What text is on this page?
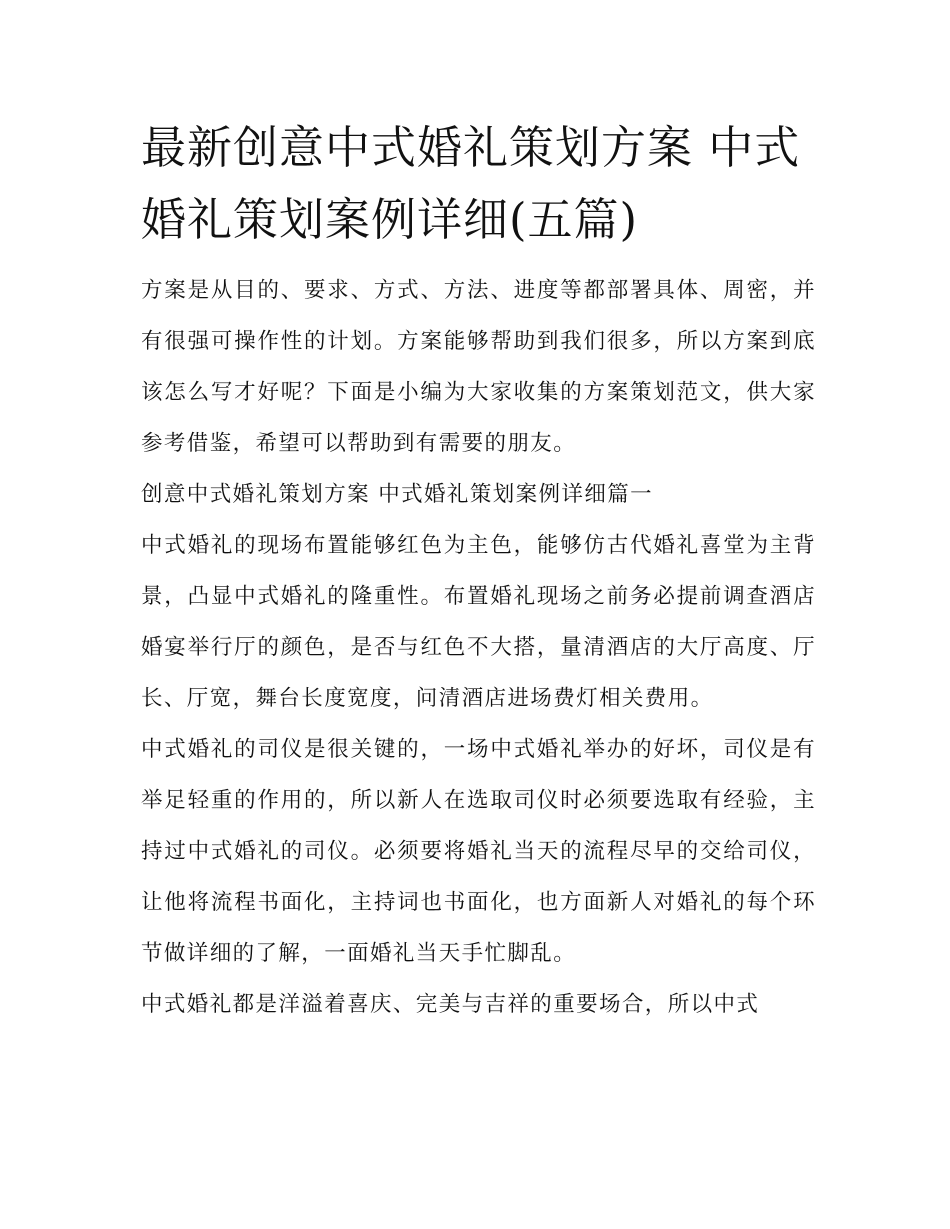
最新创意中式婚礼策划方案 中式婚礼策划案例详细(五篇)

方案是从目的、要求、方式、方法、进度等都部署具体、周密，并有很强可操作性的计划。方案能够帮助到我们很多，所以方案到底该怎么写才好呢？下面是小编为大家收集的方案策划范文，供大家参考借鉴，希望可以帮助到有需要的朋友。

创意中式婚礼策划方案 中式婚礼策划案例详细篇一

中式婚礼的现场布置能够红色为主色，能够仿古代婚礼喜堂为主背景，凸显中式婚礼的隆重性。布置婚礼现场之前务必提前调查酒店婚宴举行厅的颜色，是否与红色不大搭，量清酒店的大厅高度、厅长、厅宽，舞台长度宽度，问清酒店进场费灯相关费用。

中式婚礼的司仪是很关键的，一场中式婚礼举办的好坏，司仪是有举足轻重的作用的，所以新人在选取司仪时必须要选取有经验，主持过中式婚礼的司仪。必须要将婚礼当天的流程尽早的交给司仪，让他将流程书面化，主持词也书面化，也方面新人对婚礼的每个环节做详细的了解，一面婚礼当天手忙脚乱。

中式婚礼都是洋溢着喜庆、完美与吉祥的重要场合，所以中式
